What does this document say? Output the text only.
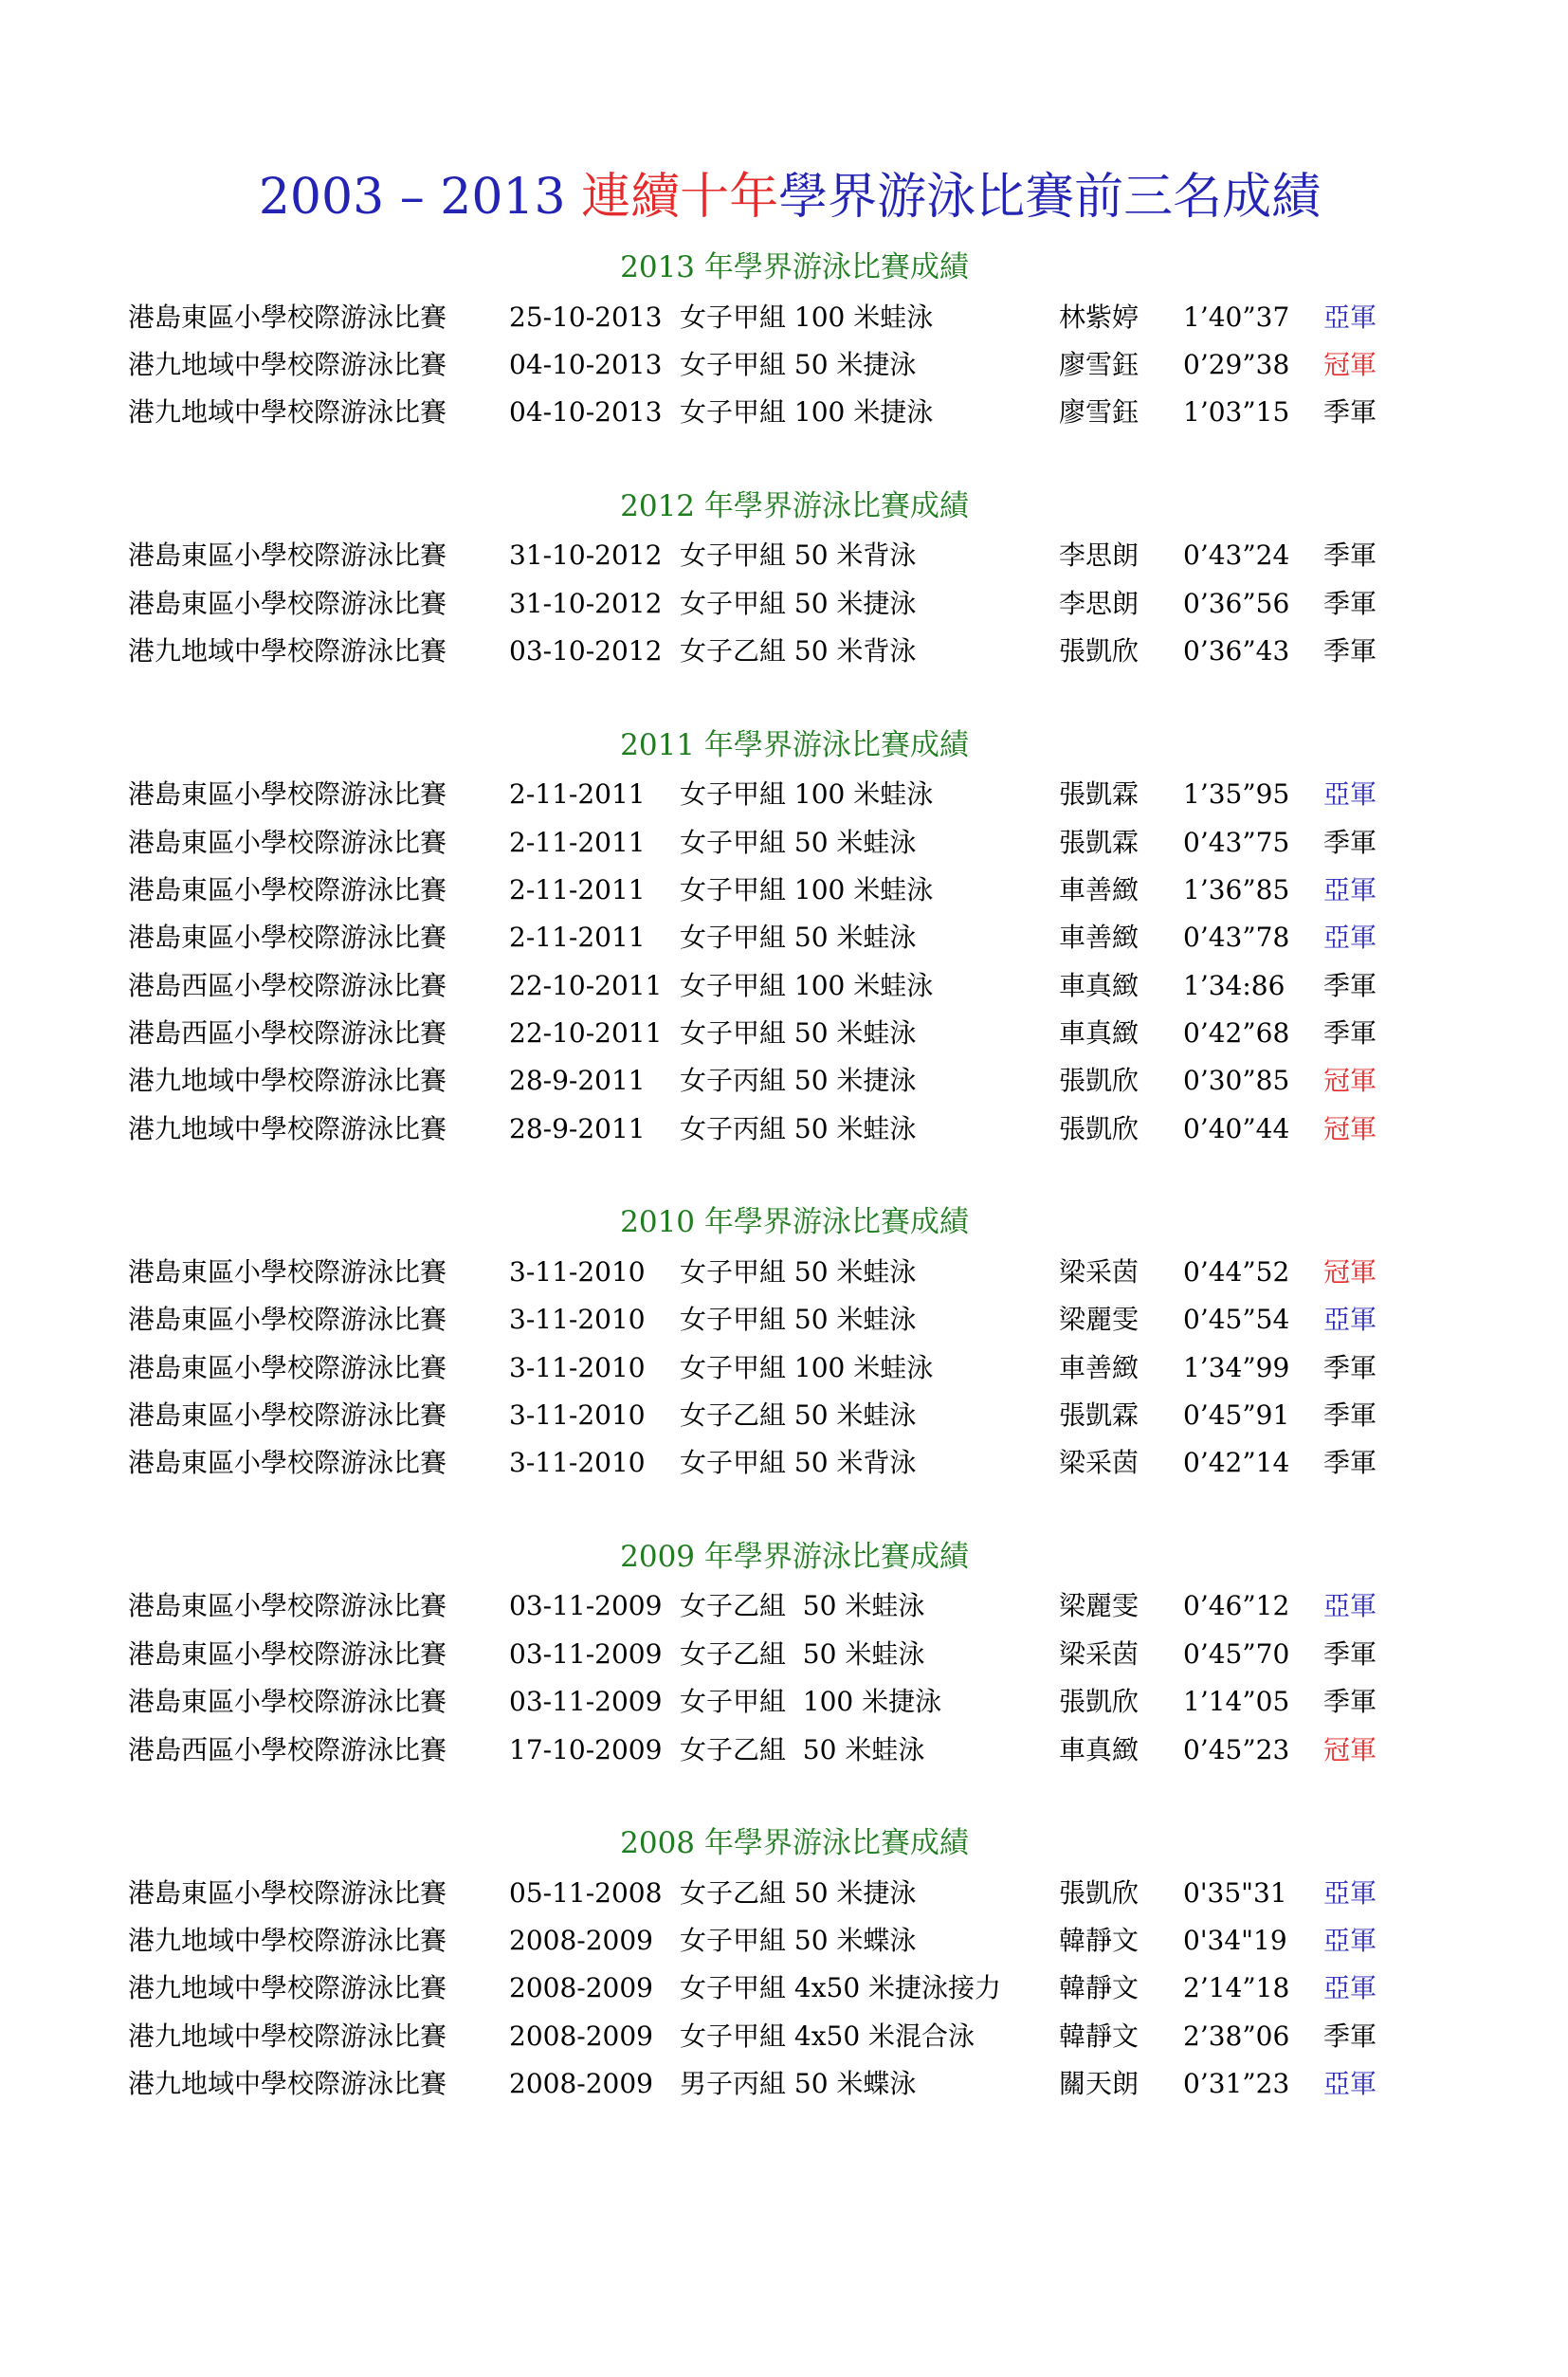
2003 – 2013 連續十年學界游泳比賽前三名成績
2013 年學界游泳比賽成績
港島東區小學校際游泳比賽 25-10-2013 女子甲組 100 米蛙泳	林紫婷 1’40”37 亞軍
港九地域中學校際游泳比賽 04-10-2013 女子甲組 50 米捷泳	廖雪鈺 0’29”38 冠軍
港九地域中學校際游泳比賽 04-10-2013 女子甲組 100 米捷泳	廖雪鈺 1’03”15 季軍
2012 年學界游泳比賽成績
港島東區小學校際游泳比賽 31-10-2012 女子甲組 50 米背泳	李思朗 0’43”24 季軍
港島東區小學校際游泳比賽 31-10-2012 女子甲組 50 米捷泳	李思朗 0’36”56 季軍
港九地域中學校際游泳比賽 03-10-2012 女子乙組 50 米背泳	張凱欣 0’36”43 季軍
2011 年學界游泳比賽成績
港島東區小學校際游泳比賽 2-11-2011 女子甲組 100 米蛙泳	張凱霖 1’35”95 亞軍
港島東區小學校際游泳比賽 2-11-2011 女子甲組 50 米蛙泳	張凱霖 0’43”75 季軍
港島東區小學校際游泳比賽 2-11-2011 女子甲組 100 米蛙泳	車善緻 1’36”85 亞軍
港島東區小學校際游泳比賽 2-11-2011 女子甲組 50 米蛙泳	車善緻 0’43”78 亞軍
港島西區小學校際游泳比賽 22-10-2011 女子甲組 100 米蛙泳	車真緻 1’34:86 季軍
港島西區小學校際游泳比賽 22-10-2011 女子甲組 50 米蛙泳	車真緻 0’42”68 季軍
港九地域中學校際游泳比賽 28-9-2011 女子丙組 50 米捷泳	張凱欣 0’30”85 冠軍
港九地域中學校際游泳比賽 28-9-2011 女子丙組 50 米蛙泳	張凱欣 0’40”44 冠軍
2010 年學界游泳比賽成績
港島東區小學校際游泳比賽 3-11-2010 女子甲組 50 米蛙泳	梁采茵 0’44”52 冠軍
港島東區小學校際游泳比賽 3-11-2010 女子甲組 50 米蛙泳	梁麗雯 0’45”54 亞軍
港島東區小學校際游泳比賽 3-11-2010 女子甲組 100 米蛙泳	車善緻 1’34”99 季軍
港島東區小學校際游泳比賽 3-11-2010 女子乙組 50 米蛙泳	張凱霖 0’45”91 季軍
港島東區小學校際游泳比賽 3-11-2010 女子甲組 50 米背泳	梁采茵 0’42”14 季軍
2009 年學界游泳比賽成績
港島東區小學校際游泳比賽 03-11-2009 女子乙組  50 米蛙泳	梁麗雯 0’46”12 亞軍
港島東區小學校際游泳比賽 03-11-2009 女子乙組  50 米蛙泳	梁采茵 0’45”70 季軍
港島東區小學校際游泳比賽 03-11-2009 女子甲組  100 米捷泳	張凱欣 1’14”05 季軍
港島西區小學校際游泳比賽 17-10-2009 女子乙組  50 米蛙泳	車真緻 0’45”23 冠軍
2008 年學界游泳比賽成績
港島東區小學校際游泳比賽 05-11-2008 女子乙組 50 米捷泳	張凱欣 0'35"31 亞軍
港九地域中學校際游泳比賽 2008-2009 女子甲組 50 米蝶泳	韓靜文 0'34"19 亞軍
港九地域中學校際游泳比賽 2008-2009 女子甲組 4x50 米捷泳接力 韓靜文 2’14”18 亞軍
港九地域中學校際游泳比賽 2008-2009 女子甲組 4x50 米混合泳	韓靜文 2’38”06 季軍
港九地域中學校際游泳比賽 2008-2009 男子丙組 50 米蝶泳	關天朗 0’31”23 亞軍
